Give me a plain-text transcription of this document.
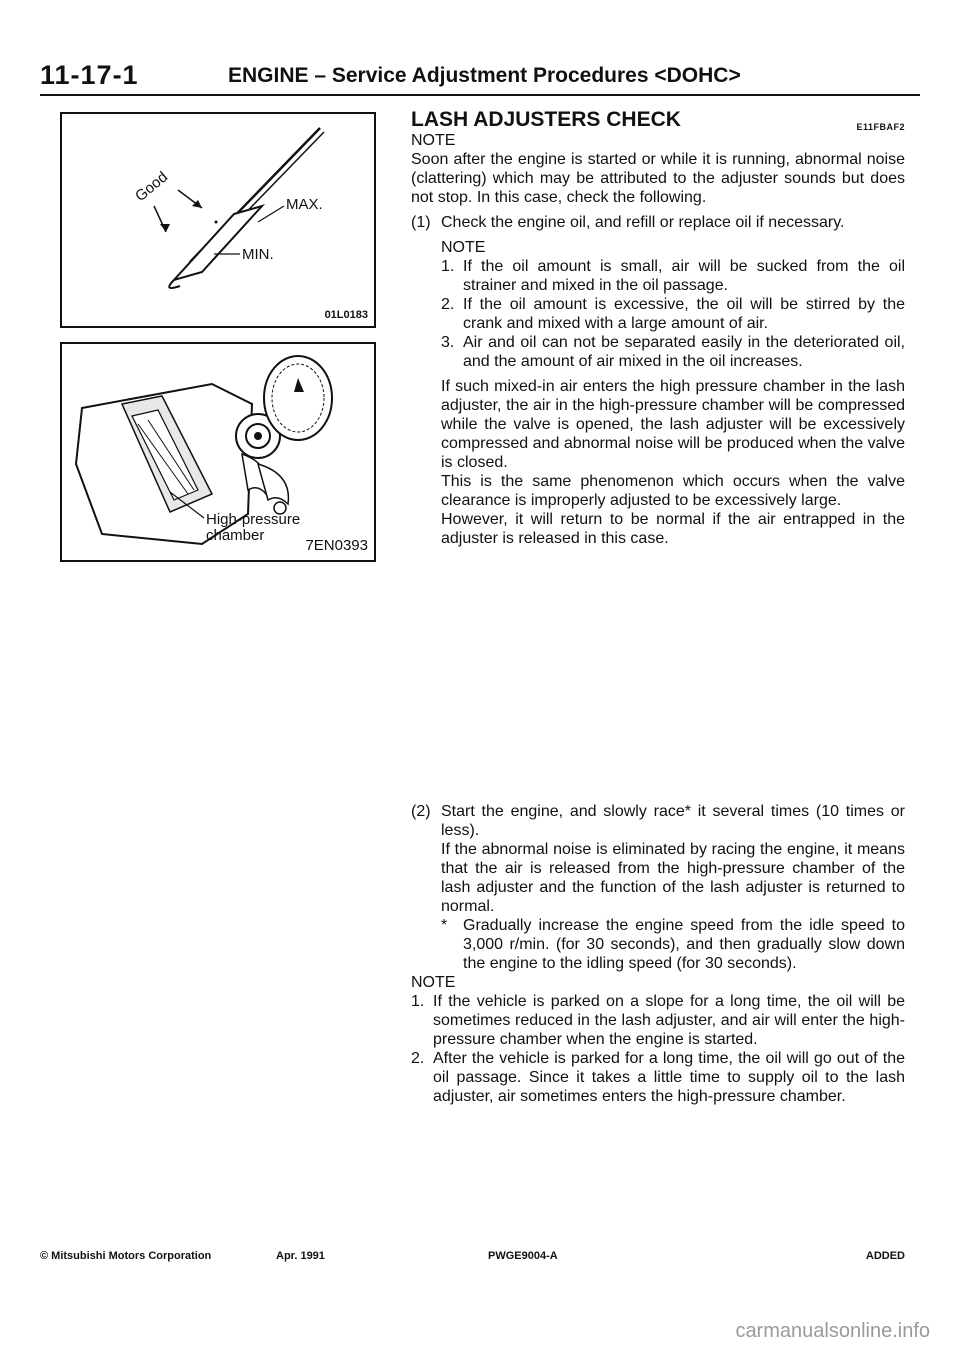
11-17-1	ENGINE – Service Adjustment Procedures <DOHC>
Good	MAX.
MIN.
01L0183
High-pressure
chamber
7EN0393
LASH ADJUSTERS CHECK	E11FBAF2
NOTE

Soon after the engine is started or while it is running, abnormal noise (clattering) which may be attributed to the adjuster sounds but does not stop. In this case, check the following.

(1) Check the engine oil, and refill or replace oil if necessary.

NOTE
1. If the oil amount is small, air will be sucked from the oil strainer and mixed in the oil passage.
2. If the oil amount is excessive, the oil will be stirred by the crank and mixed with a large amount of air.
3. Air and oil can not be separated easily in the deteriorated oil, and the amount of air mixed in the oil increases.

If such mixed-in air enters the high pressure chamber in the lash adjuster, the air in the high-pressure chamber will be compressed while the valve is opened, the lash adjuster will be excessively compressed and abnormal noise will be produced when the valve is closed.

This is the same phenomenon which occurs when the valve clearance is improperly adjusted to be excessively large.

However, it will return to be normal if the air entrapped in the adjuster is released in this case.

(2) Start the engine, and slowly race* it several times (10 times or less).

If the abnormal noise is eliminated by racing the engine, it means that the air is released from the high-pressure chamber of the lash adjuster and the function of the lash adjuster is returned to normal.

* Gradually increase the engine speed from the idle speed to 3,000 r/min. (for 30 seconds), and then gradually slow down the engine to the idling speed (for 30 seconds).
NOTE
1. If the vehicle is parked on a slope for a long time, the oil will be sometimes reduced in the lash adjuster, and air will enter the high-pressure chamber when the engine is started.
2. After the vehicle is parked for a long time, the oil will go out of the oil passage. Since it takes a little time to supply oil to the lash adjuster, air sometimes enters the high-pressure chamber.
© Mitsubishi Motors Corporation	Apr. 1991	PWGE9004-A	ADDED
carmanualsonline.info
